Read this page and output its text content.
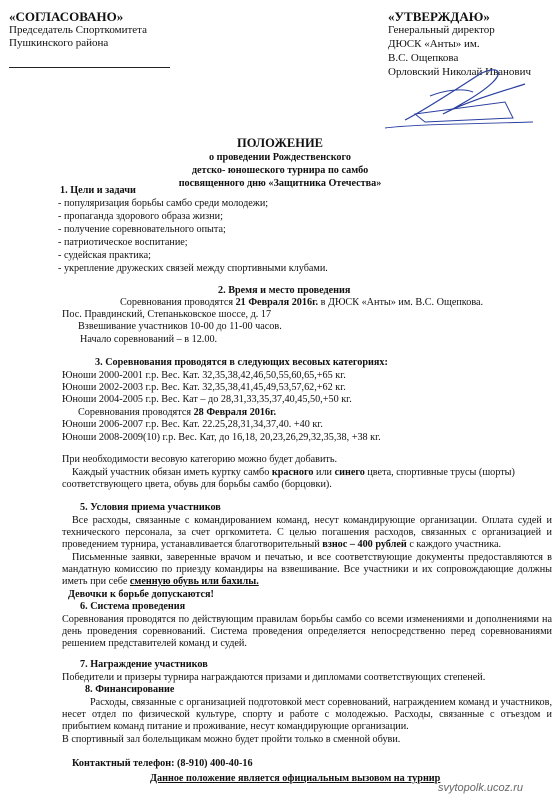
«СОГЛАСОВАНО»
Председатель Спорткомитета
Пушкинского района
«УТВЕРЖДАЮ»
Генеральный директор
ДЮСК «Анты» им.
В.С. Ощепкова
Орловский Николай Иванович
ПОЛОЖЕНИЕ
о проведении Рождественского
детско- юношеского турнира по самбо
посвященного дню «Защитника Отечества»
1. Цели и задачи
- популяризация борьбы самбо среди молодежи;
- пропаганда здорового образа жизни;
- получение соревновательного опыта;
- патриотическое воспитание;
- судейская практика;
- укрепление дружеских связей между спортивными клубами.
2. Время и место проведения
Соревнования проводятся 21 Февраля 2016г. в ДЮСК «Анты» им. В.С. Ощепкова.
Пос. Правдинский, Степаньковское шоссе, д. 17
Взвешивание участников 10-00 до 11-00 часов.
Начало соревнований – в 12.00.
3. Соревнования проводятся в следующих весовых категориях:
Юноши 2000-2001 г.р. Вес. Кат. 32,35,38,42,46,50,55,60,65,+65 кг.
Юноши 2002-2003 г.р. Вес. Кат. 32,35,38,41,45,49,53,57,62,+62 кг.
Юноши 2004-2005 г.р. Вес. Кат – до 28,31,33,35,37,40,45,50,+50 кг.
Соревнования проводятся 28 Февраля 2016г.
Юноши 2006-2007 г.р. Вес. Кат. 22.25,28,31,34,37,40. +40 кг.
Юноши 2008-2009(10) г.р. Вес. Кат, до 16,18, 20,23,26,29,32,35,38, +38 кг.
При необходимости весовую категорию можно будет добавить.
Каждый участник обязан иметь куртку самбо красного или синего цвета, спортивные трусы (шорты)
соответствующего цвета, обувь для борьбы самбо (борцовки).
5. Условия приема участников
Все расходы, связанные с командированием команд, несут командирующие организации. Оплата судей и технического персонала, за счет оргкомитета. С целью погашения расходов, связанных с организацией и проведением турнира, устанавливается благотворительный взнос – 400 рублей с каждого участника.
Письменные заявки, заверенные врачом и печатью, и все соответствующие документы предоставляются в мандатную комиссию по приезду командиры на взвешивание. Все участники и их сопровождающие должны иметь при себе сменную обувь или бахилы.
Девочки к борьбе допускаются!
6. Система проведения
Соревнования проводятся по действующим правилам борьбы самбо со всеми изменениями и дополнениями на день проведения соревнований. Система проведения определяется непосредственно перед соревнованиями решением представителей команд и судей.
7. Награждение участников
Победители и призеры турнира награждаются призами и дипломами соответствующих степеней.
8. Финансирование
Расходы, связанные с организацией подготовкой мест соревнований, награждением команд и участников, несет отдел по физической культуре, спорту и работе с молодежью. Расходы, связанные с отъездом и прибытием команд питание и проживание, несут командирующие организации.
В спортивный зал болельщикам можно будет пройти только в сменной обуви.
Контактный телефон: (8-910) 400-40-16
Данное положение является официальным вызовом на турнир
svytopolk.ucoz.ru
